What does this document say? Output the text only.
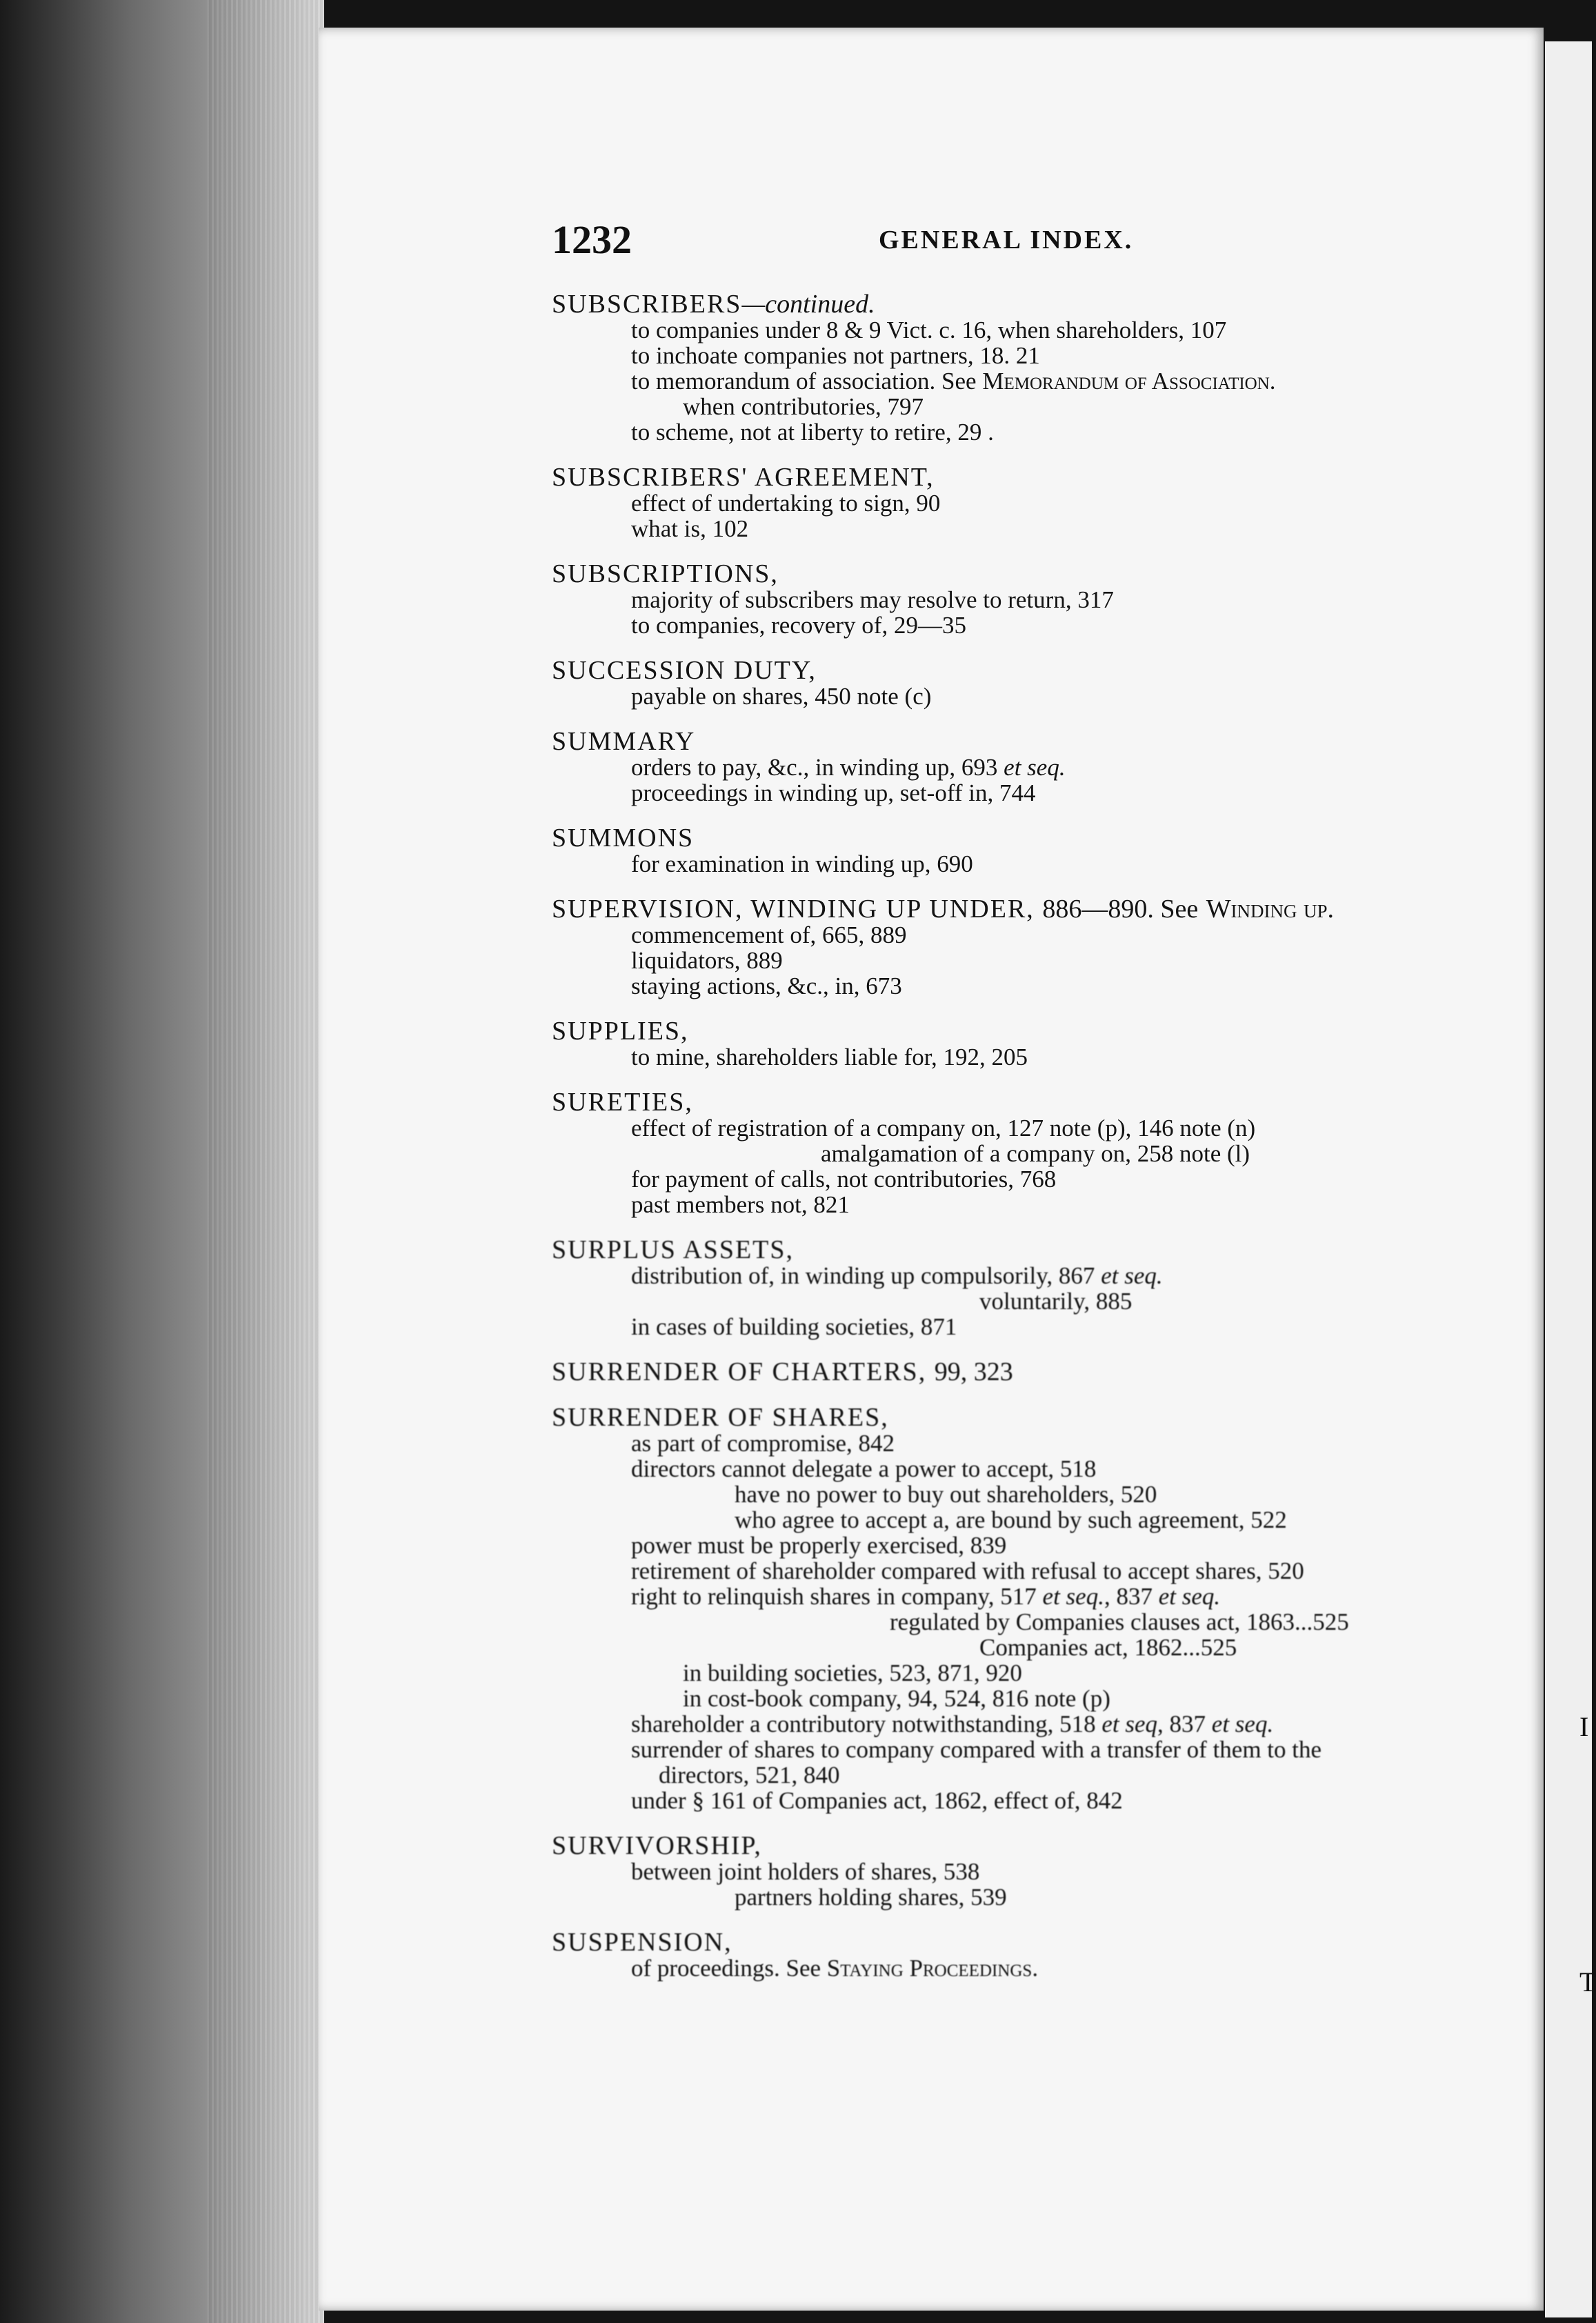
I
T
1232	GENERAL INDEX.
SUBSCRIBERS—continued.
to companies under 8 & 9 Vict. c. 16, when shareholders, 107
to inchoate companies not partners, 18. 21
to memorandum of association. See Memorandum of Association.
when contributories, 797
to scheme, not at liberty to retire, 29 .
SUBSCRIBERS' AGREEMENT,
effect of undertaking to sign, 90
what is, 102
SUBSCRIPTIONS,
majority of subscribers may resolve to return, 317
to companies, recovery of, 29—35
SUCCESSION DUTY,
payable on shares, 450 note (c)
SUMMARY
orders to pay, &c., in winding up, 693 et seq.
proceedings in winding up, set-off in, 744
SUMMONS
for examination in winding up, 690
SUPERVISION, WINDING UP UNDER, 886—890. See Winding up.
commencement of, 665, 889
liquidators, 889
staying actions, &c., in, 673
SUPPLIES,
to mine, shareholders liable for, 192, 205
SURETIES,
effect of registration of a company on, 127 note (p), 146 note (n)
amalgamation of a company on, 258 note (l)
for payment of calls, not contributories, 768
past members not, 821
SURPLUS ASSETS,
distribution of, in winding up compulsorily, 867 et seq.
voluntarily, 885
in cases of building societies, 871
SURRENDER OF CHARTERS, 99, 323
SURRENDER OF SHARES,
as part of compromise, 842
directors cannot delegate a power to accept, 518
have no power to buy out shareholders, 520
who agree to accept a, are bound by such agreement, 522
power must be properly exercised, 839
retirement of shareholder compared with refusal to accept shares, 520
right to relinquish shares in company, 517 et seq., 837 et seq.
regulated by Companies clauses act, 1863...525
Companies act, 1862...525
in building societies, 523, 871, 920
in cost-book company, 94, 524, 816 note (p)
shareholder a contributory notwithstanding, 518 et seq, 837 et seq.
surrender of shares to company compared with a transfer of them to the
directors, 521, 840
under § 161 of Companies act, 1862, effect of, 842
SURVIVORSHIP,
between joint holders of shares, 538
partners holding shares, 539
SUSPENSION,
of proceedings. See Staying Proceedings.
